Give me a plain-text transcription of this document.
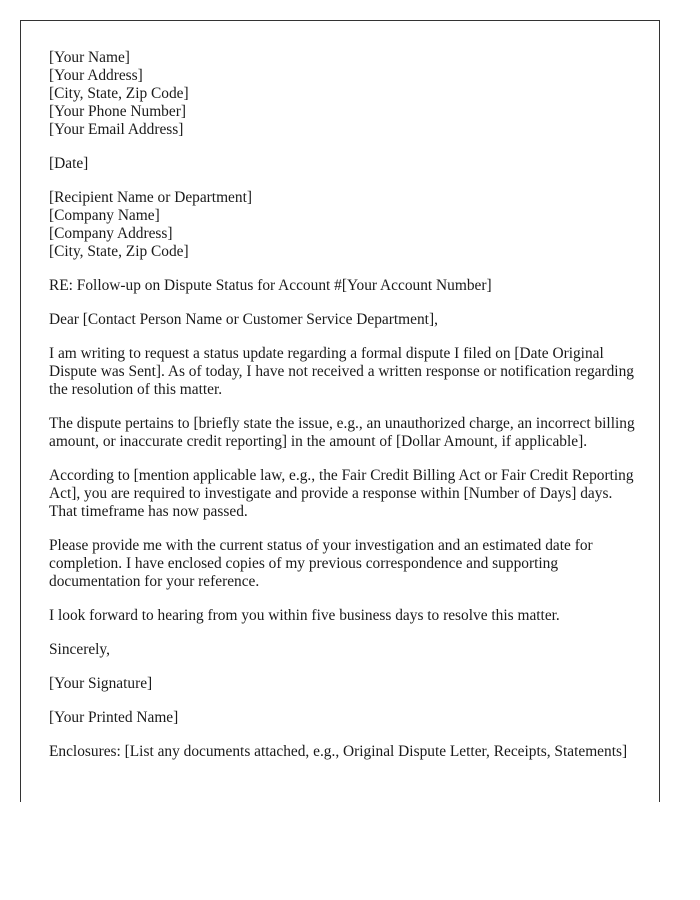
[Your Name]
[Your Address]
[City, State, Zip Code]
[Your Phone Number]
[Your Email Address]

[Date]

[Recipient Name or Department]
[Company Name]
[Company Address]
[City, State, Zip Code]

RE: Follow-up on Dispute Status for Account #[Your Account Number]

Dear [Contact Person Name or Customer Service Department],

I am writing to request a status update regarding a formal dispute I filed on [Date Original Dispute was Sent]. As of today, I have not received a written response or notification regarding the resolution of this matter.

The dispute pertains to [briefly state the issue, e.g., an unauthorized charge, an incorrect billing amount, or inaccurate credit reporting] in the amount of [Dollar Amount, if applicable].

According to [mention applicable law, e.g., the Fair Credit Billing Act or Fair Credit Reporting Act], you are required to investigate and provide a response within [Number of Days] days. That timeframe has now passed.

Please provide me with the current status of your investigation and an estimated date for completion. I have enclosed copies of my previous correspondence and supporting documentation for your reference.

I look forward to hearing from you within five business days to resolve this matter.

Sincerely,

[Your Signature]

[Your Printed Name]

Enclosures: [List any documents attached, e.g., Original Dispute Letter, Receipts, Statements]
